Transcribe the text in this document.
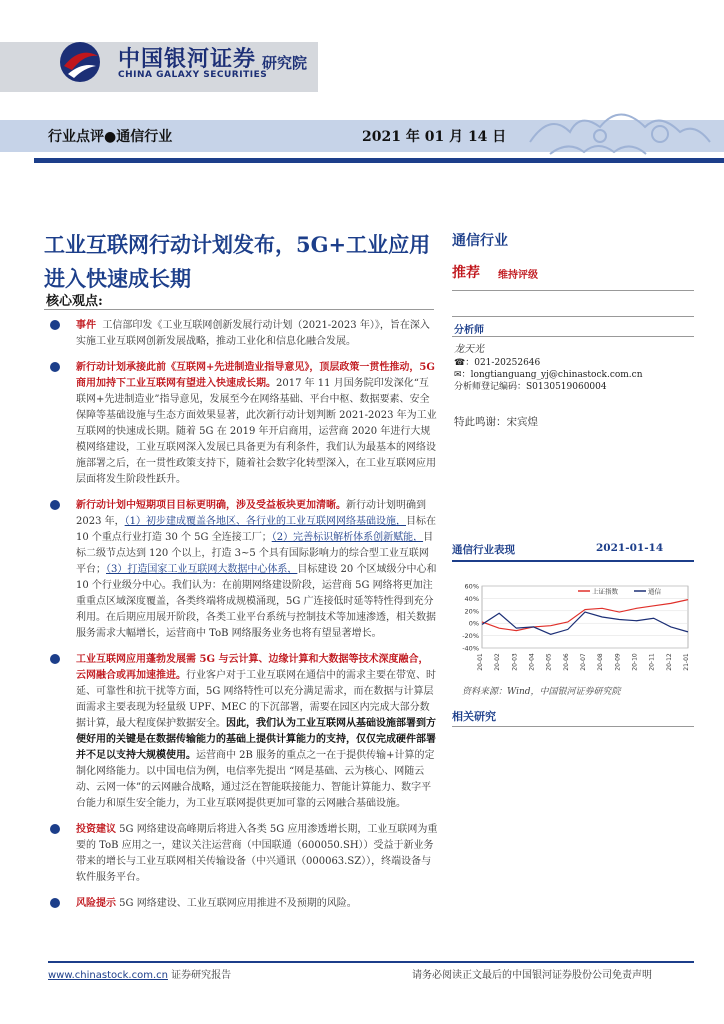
中国银河证券
CHINA GALAXY SECURITIES
研究院
行业点评●通信行业	2021 年 01 月 14 日
工业互联网行动计划发布，5G+工业应用进入快速成长期
核心观点:
事件 工信部印发《工业互联网创新发展行动计划（2021-2023 年）》，旨在深入实施工业互联网创新发展战略，推动工业化和信息化融合发展。
新行动计划承接此前《互联网+先进制造业指导意见》，顶层政策一贯性推动，5G 商用加持下工业互联网有望进入快速成长期。2017 年 11 月国务院印发深化“互联网+先进制造业”指导意见，发展至今在网络基础、平台中枢、数据要素、安全保障等基础设施与生态方面效果显著，此次新行动计划判断 2021-2023 年为工业互联网的快速成长期。随着 5G 在 2019 年开启商用，运营商 2020 年进行大规模网络建设，工业互联网深入发展已具备更为有利条件，我们认为最基本的网络设施部署之后，在一贯性政策支持下，随着社会数字化转型深入，在工业互联网应用层面将发生阶段性跃升。
新行动计划中短期项目目标更明确，涉及受益板块更加清晰。新行动计划明确到 2023 年，（1）初步建成覆盖各地区、各行业的工业互联网网络基础设施，目标在 10 个重点行业打造 30 个 5G 全连接工厂；（2）完善标识解析体系创新赋能，目标二级节点达到 120 个以上，打造 3~5 个具有国际影响力的综合型工业互联网平台；（3）打造国家工业互联网大数据中心体系，目标建设 20 个区域级分中心和 10 个行业级分中心。我们认为：在前期网络建设阶段，运营商 5G 网络将更加注重重点区域深度覆盖，各类终端将成规模涌现，5G 广连接低时延等特性得到充分利用。在后期应用展开阶段，各类工业平台系统与控制技术等加速渗透，相关数据服务需求大幅增长，运营商中 ToB 网络服务业务也将有望显著增长。
工业互联网应用蓬勃发展需 5G 与云计算、边缘计算和大数据等技术深度融合，云网融合或再加速推进。行业客户对于工业互联网在通信中的需求主要在带宽、时延、可靠性和抗干扰等方面，5G 网络特性可以充分满足需求，而在数据与计算层面需求主要表现为轻量级 UPF、MEC 的下沉部署，需要在园区内完成大部分数据计算，最大程度保护数据安全。因此，我们认为工业互联网从基础设施部署到方便好用的关键是在数据传输能力的基础上提供计算能力的支持，仅仅完成硬件部署并不足以支持大规模使用。运营商中 2B 服务的重点之一在于提供传输+计算的定制化网络能力。以中国电信为例，电信率先提出 “网是基础、云为核心、网随云动、云网一体”的云网融合战略，通过泛在智能联接能力、智能计算能力、数字平台能力和原生安全能力，为工业互联网提供更加可靠的云网融合基础设施。
投资建议 5G 网络建设高峰期后将进入各类 5G 应用渗透增长期，工业互联网为重要的 ToB 应用之一，建议关注运营商（中国联通（600050.SH））受益于新业务带来的增长与工业互联网相关传输设备（中兴通讯（000063.SZ）），终端设备与软件服务平台。
风险提示 5G 网络建设、工业互联网应用推进不及预期的风险。
通信行业
推荐 维持评级
分析师
龙天光
☎：021-20252646
✉：longtianguang_yj@chinastock.com.cn
分析师登记编码：S0130519060004
特此鸣谢：宋宾煌
通信行业表现	2021-01-14
60%
40%
20%
0%
-20%
-40%
20-01 20-02 20-03 20-04 20-05 20-06 20-07 20-08 20-09 20-10 20-11 20-12 21-01
上证指数	通信
资料来源：Wind，中国银河证券研究院
相关研究
www.chinastock.com.cn 证券研究报告	请务必阅读正文最后的中国银河证券股份公司免责声明
